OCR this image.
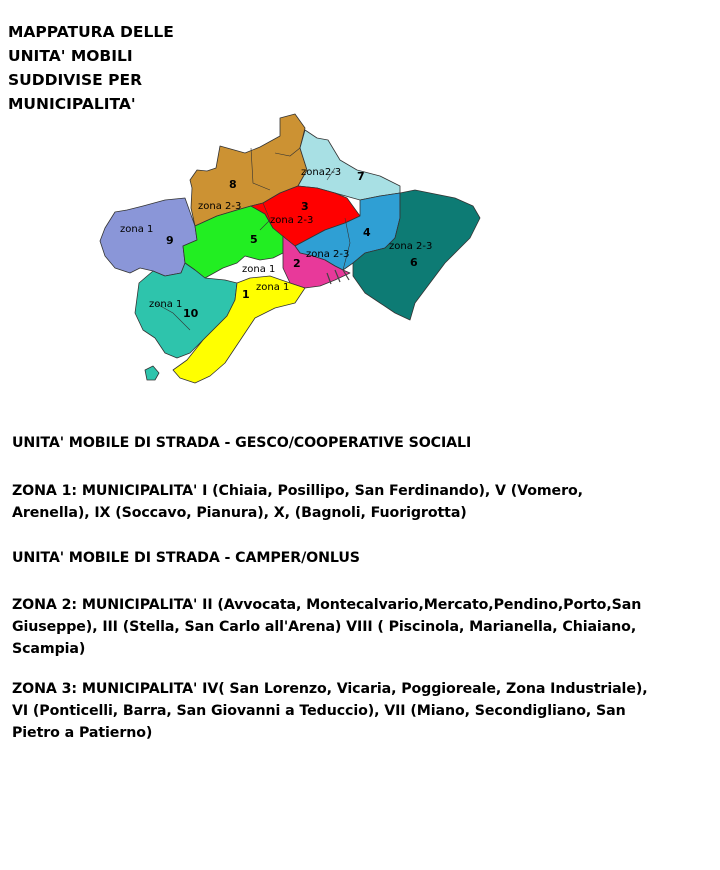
MAPPATURA DELLE
UNITA' MOBILI
SUDDIVISE PER
MUNICIPALITA'
8
7
9	5
3
4
6
2
10
1
zona 1
zona 2-3
zona2-3
zona 2-3
zona 2-3
zona 2-3
zona 1
zona 1
zona 1
UNITA' MOBILE DI STRADA - GESCO/COOPERATIVE SOCIALI
ZONA 1: MUNICIPALITA' I (Chiaia, Posillipo, San Ferdinando), V (Vomero,
Arenella), IX (Soccavo, Pianura), X, (Bagnoli, Fuorigrotta)
UNITA' MOBILE DI STRADA - CAMPER/ONLUS
ZONA 2: MUNICIPALITA' II (Avvocata, Montecalvario,Mercato,Pendino,Porto,San
Giuseppe), III (Stella, San Carlo all'Arena) VIII ( Piscinola, Marianella, Chiaiano,
Scampia)
ZONA 3: MUNICIPALITA' IV( San Lorenzo, Vicaria, Poggioreale, Zona Industriale),
VI (Ponticelli, Barra, San Giovanni a Teduccio), VII (Miano, Secondigliano, San
Pietro a Patierno)
